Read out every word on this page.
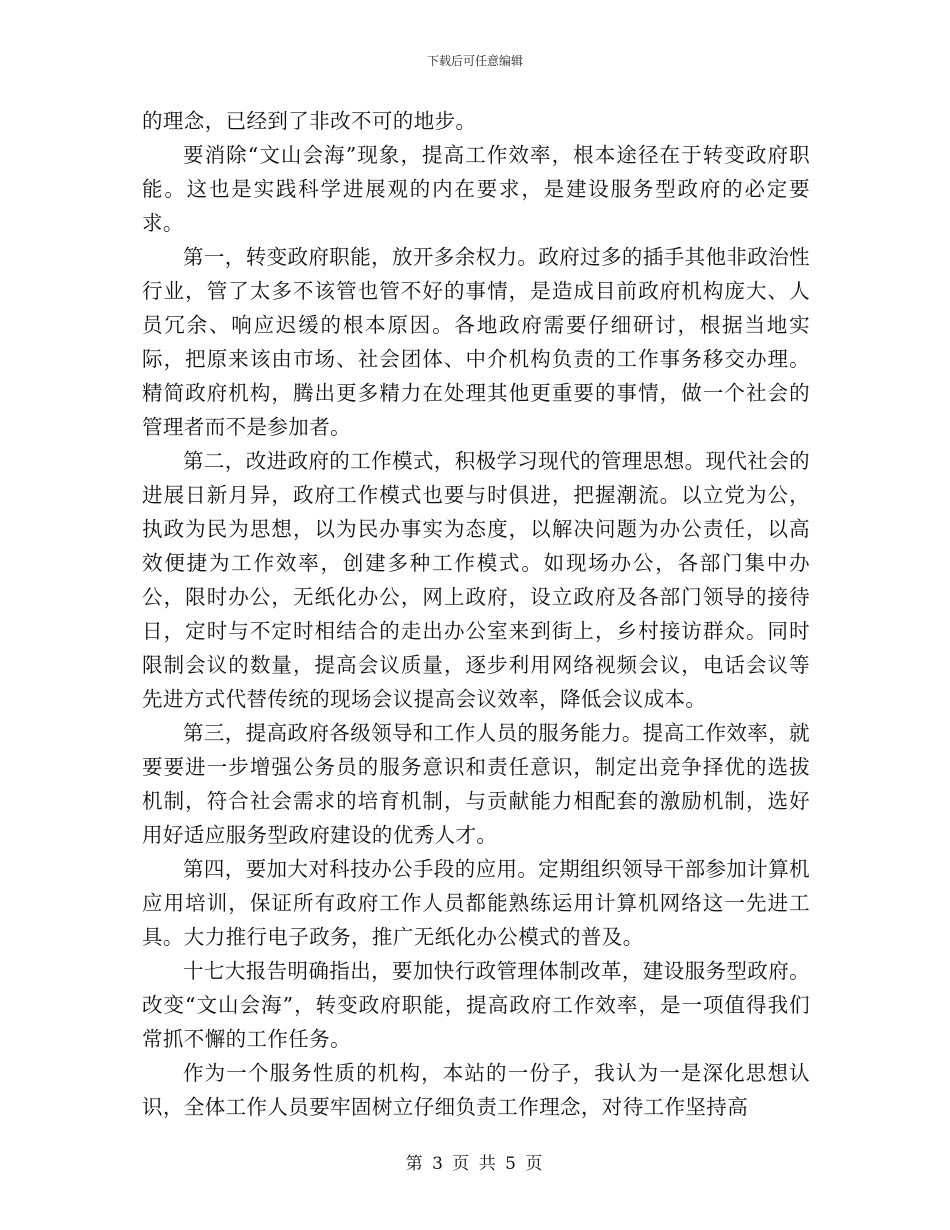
下载后可任意编辑

的理念，已经到了非改不可的地步。

要消除“文山会海”现象，提高工作效率，根本途径在于转变政府职能。这也是实践科学进展观的内在要求，是建设服务型政府的必定要求。

第一，转变政府职能，放开多余权力。政府过多的插手其他非政治性行业，管了太多不该管也管不好的事情，是造成目前政府机构庞大、人员冗余、响应迟缓的根本原因。各地政府需要仔细研讨，根据当地实际，把原来该由市场、社会团体、中介机构负责的工作事务移交办理。精简政府机构，腾出更多精力在处理其他更重要的事情，做一个社会的管理者而不是参加者。

第二，改进政府的工作模式，积极学习现代的管理思想。现代社会的进展日新月异，政府工作模式也要与时俱进，把握潮流。以立党为公，执政为民为思想，以为民办事实为态度，以解决问题为办公责任，以高效便捷为工作效率，创建多种工作模式。如现场办公，各部门集中办公，限时办公，无纸化办公，网上政府，设立政府及各部门领导的接待日，定时与不定时相结合的走出办公室来到街上，乡村接访群众。同时限制会议的数量，提高会议质量，逐步利用网络视频会议，电话会议等先进方式代替传统的现场会议提高会议效率，降低会议成本。

第三，提高政府各级领导和工作人员的服务能力。提高工作效率，就要要进一步增强公务员的服务意识和责任意识，制定出竞争择优的选拔机制，符合社会需求的培育机制，与贡献能力相配套的激励机制，选好用好适应服务型政府建设的优秀人才。

第四，要加大对科技办公手段的应用。定期组织领导干部参加计算机应用培训，保证所有政府工作人员都能熟练运用计算机网络这一先进工具。大力推行电子政务，推广无纸化办公模式的普及。

十七大报告明确指出，要加快行政管理体制改革，建设服务型政府。改变“文山会海”，转变政府职能，提高政府工作效率，是一项值得我们常抓不懈的工作任务。

作为一个服务性质的机构，本站的一份子，我认为一是深化思想认识，全体工作人员要牢固树立仔细负责工作理念，对待工作坚持高

第 3 页 共 5 页
